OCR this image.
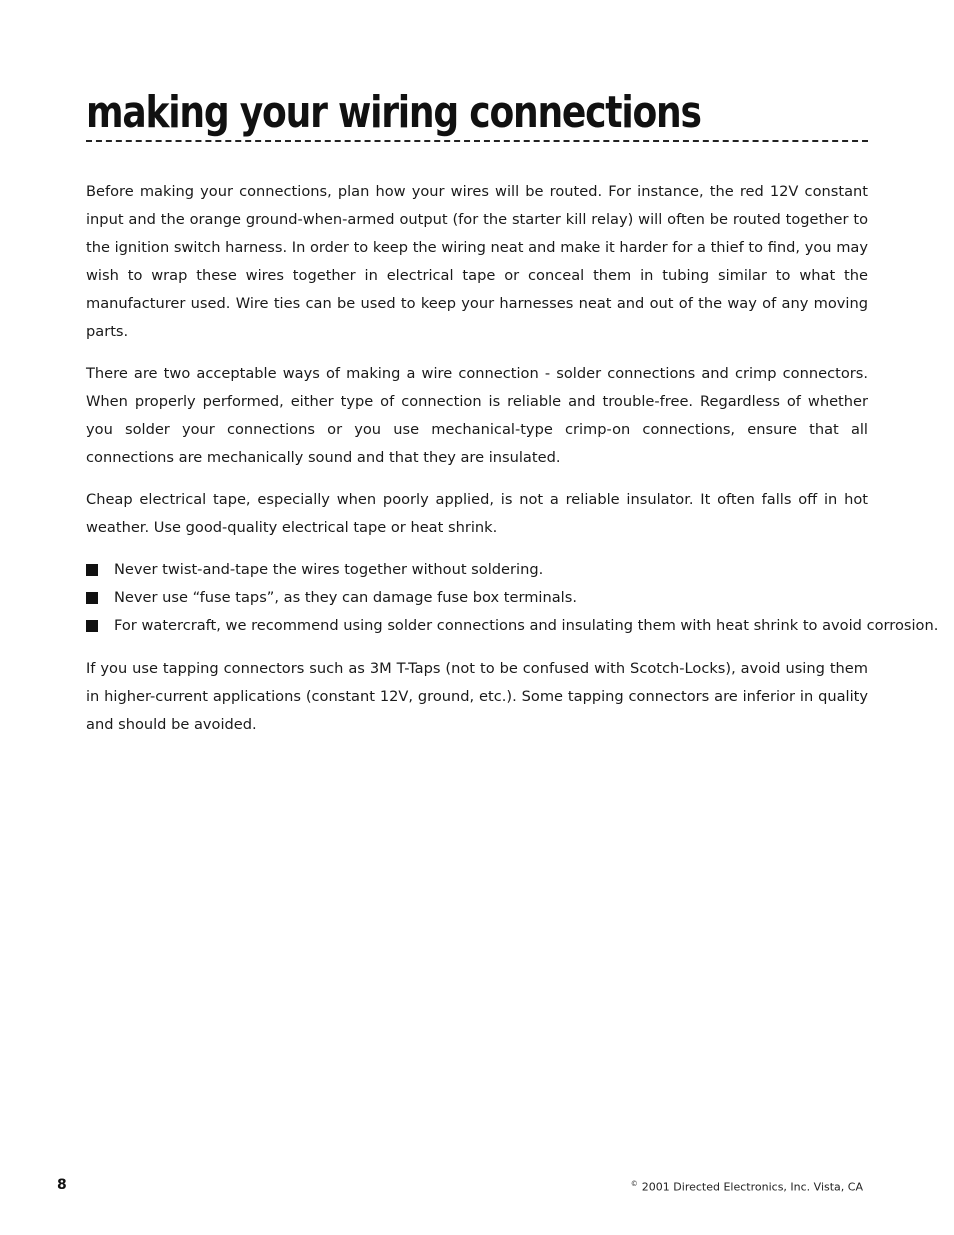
making your wiring connections

Before making your connections, plan how your wires will be routed. For instance, the red 12V constant input and the orange ground-when-armed output (for the starter kill relay) will often be routed together to the ignition switch harness. In order to keep the wiring neat and make it harder for a thief to find, you may wish to wrap these wires together in electrical tape or conceal them in tubing similar to what the manufacturer used. Wire ties can be used to keep your harnesses neat and out of the way of any moving parts.

There are two acceptable ways of making a wire connection - solder connections and crimp connectors. When properly performed, either type of connection is reliable and trouble-free. Regardless of whether you solder your connections or you use mechanical-type crimp-on connections, ensure that all connections are mechanically sound and that they are insulated.

Cheap electrical tape, especially when poorly applied, is not a reliable insulator. It often falls off in hot weather. Use good-quality electrical tape or heat shrink.

Never twist-and-tape the wires together without soldering.
Never use “fuse taps”, as they can damage fuse box terminals.
For watercraft, we recommend using solder connections and insulating them with heat shrink to avoid corrosion.

If you use tapping connectors such as 3M T-Taps (not to be confused with Scotch-Locks), avoid using them in higher-current applications (constant 12V, ground, etc.). Some tapping connectors are inferior in quality and should be avoided.

8	© 2001 Directed Electronics, Inc. Vista, CA
